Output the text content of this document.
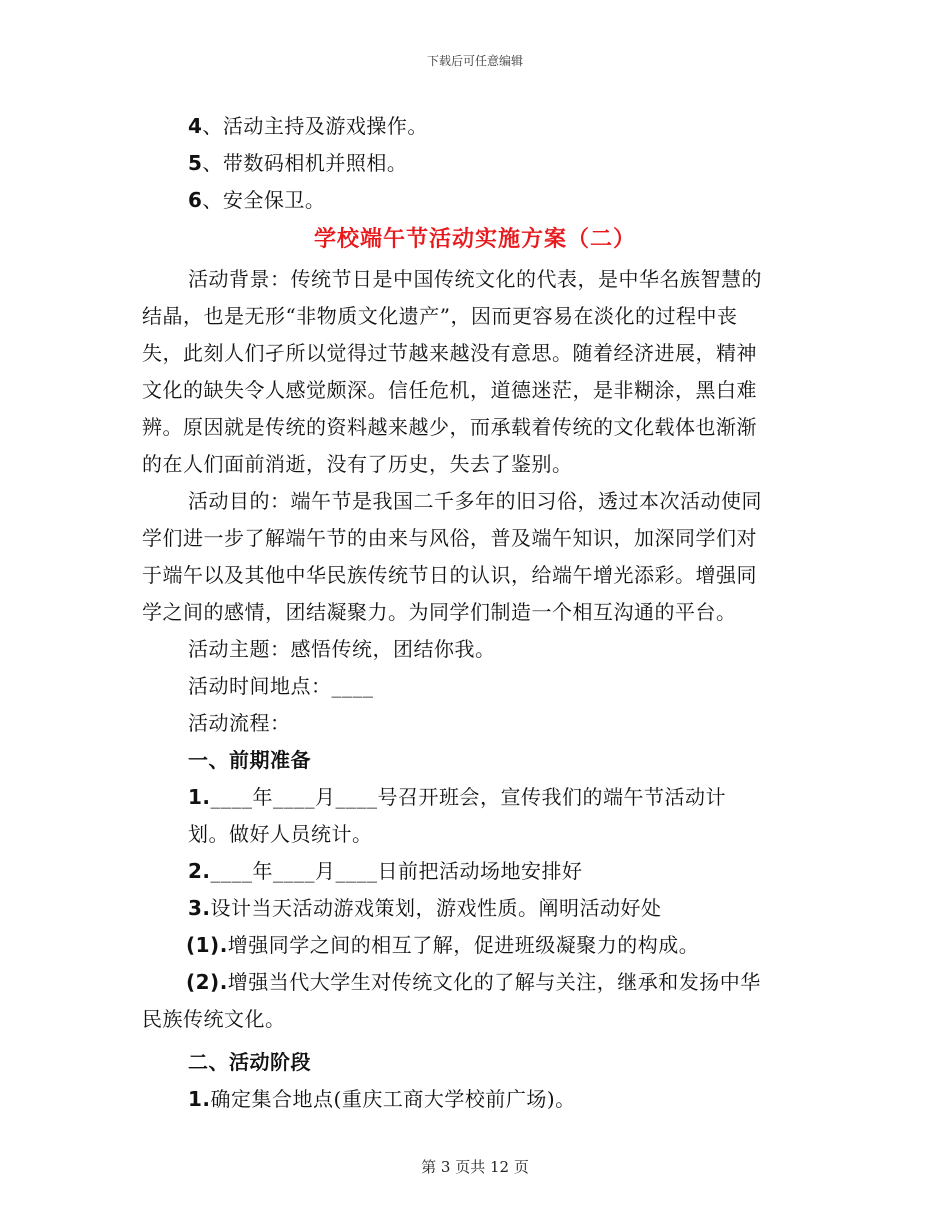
下载后可任意编辑
4、活动主持及游戏操作。
5、带数码相机并照相。
6、安全保卫。
学校端午节活动实施方案（二）
活动背景：传统节日是中国传统文化的代表，是中华名族智慧的
结晶，也是无形“非物质文化遗产”，因而更容易在淡化的过程中丧
失，此刻人们孑所以觉得过节越来越没有意思。随着经济进展，精神
文化的缺失令人感觉颇深。信任危机，道德迷茫，是非糊涂，黑白难
辨。原因就是传统的资料越来越少，而承载着传统的文化载体也渐渐
的在人们面前消逝，没有了历史，失去了鉴别。
活动目的：端午节是我国二千多年的旧习俗，透过本次活动使同
学们进一步了解端午节的由来与风俗，普及端午知识，加深同学们对
于端午以及其他中华民族传统节日的认识，给端午增光添彩。增强同
学之间的感情，团结凝聚力。为同学们制造一个相互沟通的平台。
活动主题：感悟传统，团结你我。
活动时间地点：____
活动流程：
一、前期准备
1.____年____月____号召开班会，宣传我们的端午节活动计
划。做好人员统计。
2.____年____月____日前把活动场地安排好
3.设计当天活动游戏策划，游戏性质。阐明活动好处
(1).增强同学之间的相互了解，促进班级凝聚力的构成。
(2).增强当代大学生对传统文化的了解与关注，继承和发扬中华
民族传统文化。
二、活动阶段
1.确定集合地点(重庆工商大学校前广场)。
第 3 页共 12 页
